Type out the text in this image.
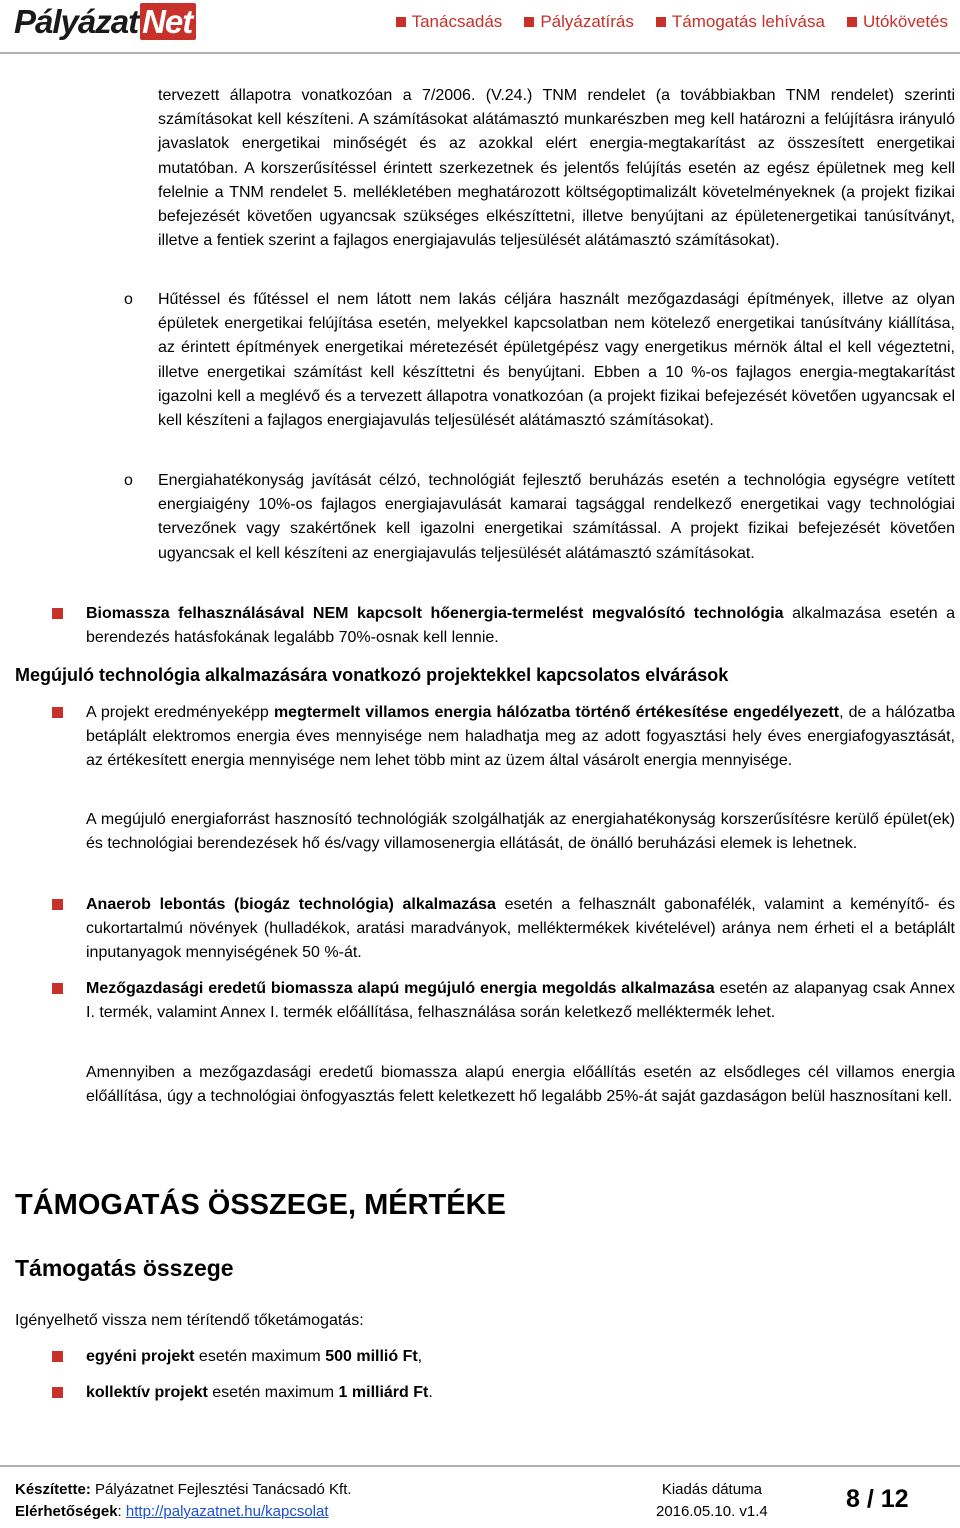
Pályázat Net	Tanácsadás Pályázatírás Támogatás lehívása Utókövetés

tervezett állapotra vonatkozóan a 7/2006. (V.24.) TNM rendelet (a továbbiakban TNM rendelet) szerinti számításokat kell készíteni. A számításokat alátámasztó munkarészben meg kell határozni a felújításra irányuló javaslatok energetikai minőségét és az azokkal elért energia-megtakarítást az összesített energetikai mutatóban. A korszerűsítéssel érintett szerkezetnek és jelentős felújítás esetén az egész épületnek meg kell felelnie a TNM rendelet 5. mellékletében meghatározott költségoptimalizált követelményeknek (a projekt fizikai befejezését követően ugyancsak szükséges elkészíttetni, illetve benyújtani az épületenergetikai tanúsítványt, illetve a fentiek szerint a fajlagos energiajavulás teljesülését alátámasztó számításokat).

o Hűtéssel és fűtéssel el nem látott nem lakás céljára használt mezőgazdasági építmények, illetve az olyan épületek energetikai felújítása esetén, melyekkel kapcsolatban nem kötelező energetikai tanúsítvány kiállítása, az érintett építmények energetikai méretezését épületgépész vagy energetikus mérnök által el kell végeztetni, illetve energetikai számítást kell készíttetni és benyújtani. Ebben a 10 %-os fajlagos energia-megtakarítást igazolni kell a meglévő és a tervezett állapotra vonatkozóan (a projekt fizikai befejezését követően ugyancsak el kell készíteni a fajlagos energiajavulás teljesülését alátámasztó számításokat).

o Energiahatékonyság javítását célzó, technológiát fejlesztő beruházás esetén a technológia egységre vetített energiaigény 10%-os fajlagos energiajavulását kamarai tagsággal rendelkező energetikai vagy technológiai tervezőnek vagy szakértőnek kell igazolni energetikai számítással. A projekt fizikai befejezését követően ugyancsak el kell készíteni az energiajavulás teljesülését alátámasztó számításokat.

Biomassza felhasználásával NEM kapcsolt hőenergia-termelést megvalósító technológia alkalmazása esetén a berendezés hatásfokának legalább 70%-osnak kell lennie.

Megújuló technológia alkalmazására vonatkozó projektekkel kapcsolatos elvárások

A projekt eredményeképp megtermelt villamos energia hálózatba történő értékesítése engedélyezett, de a hálózatba betáplált elektromos energia éves mennyisége nem haladhatja meg az adott fogyasztási hely éves energiafogyasztását, az értékesített energia mennyisége nem lehet több mint az üzem által vásárolt energia mennyisége.

A megújuló energiaforrást hasznosító technológiák szolgálhatják az energiahatékonyság korszerűsítésre kerülő épület(ek) és technológiai berendezések hő és/vagy villamosenergia ellátását, de önálló beruházási elemek is lehetnek.

Anaerob lebontás (biogáz technológia) alkalmazása esetén a felhasznált gabonafélék, valamint a keményítő- és cukortartalmú növények (hulladékok, aratási maradványok, melléktermékek kivételével) aránya nem érheti el a betáplált inputanyagok mennyiségének 50 %-át.

Mezőgazdasági eredetű biomassza alapú megújuló energia megoldás alkalmazása esetén az alapanyag csak Annex I. termék, valamint Annex I. termék előállítása, felhasználása során keletkező melléktermék lehet.

Amennyiben a mezőgazdasági eredetű biomassza alapú energia előállítás esetén az elsődleges cél villamos energia előállítása, úgy a technológiai önfogyasztás felett keletkezett hő legalább 25%-át saját gazdaságon belül hasznosítani kell.

TÁMOGATÁS ÖSSZEGE, MÉRTÉKE
Támogatás összege

Igényelhető vissza nem térítendő tőketámogatás:

egyéni projekt esetén maximum 500 millió Ft,

kollektív projekt esetén maximum 1 milliárd Ft.

Készítette: Pályázatnet Fejlesztési Tanácsadó Kft.
Elérhetőségek: http://palyazatnet.hu/kapcsolat
Kiadás dátuma
2016.05.10. v1.4	8 / 12
